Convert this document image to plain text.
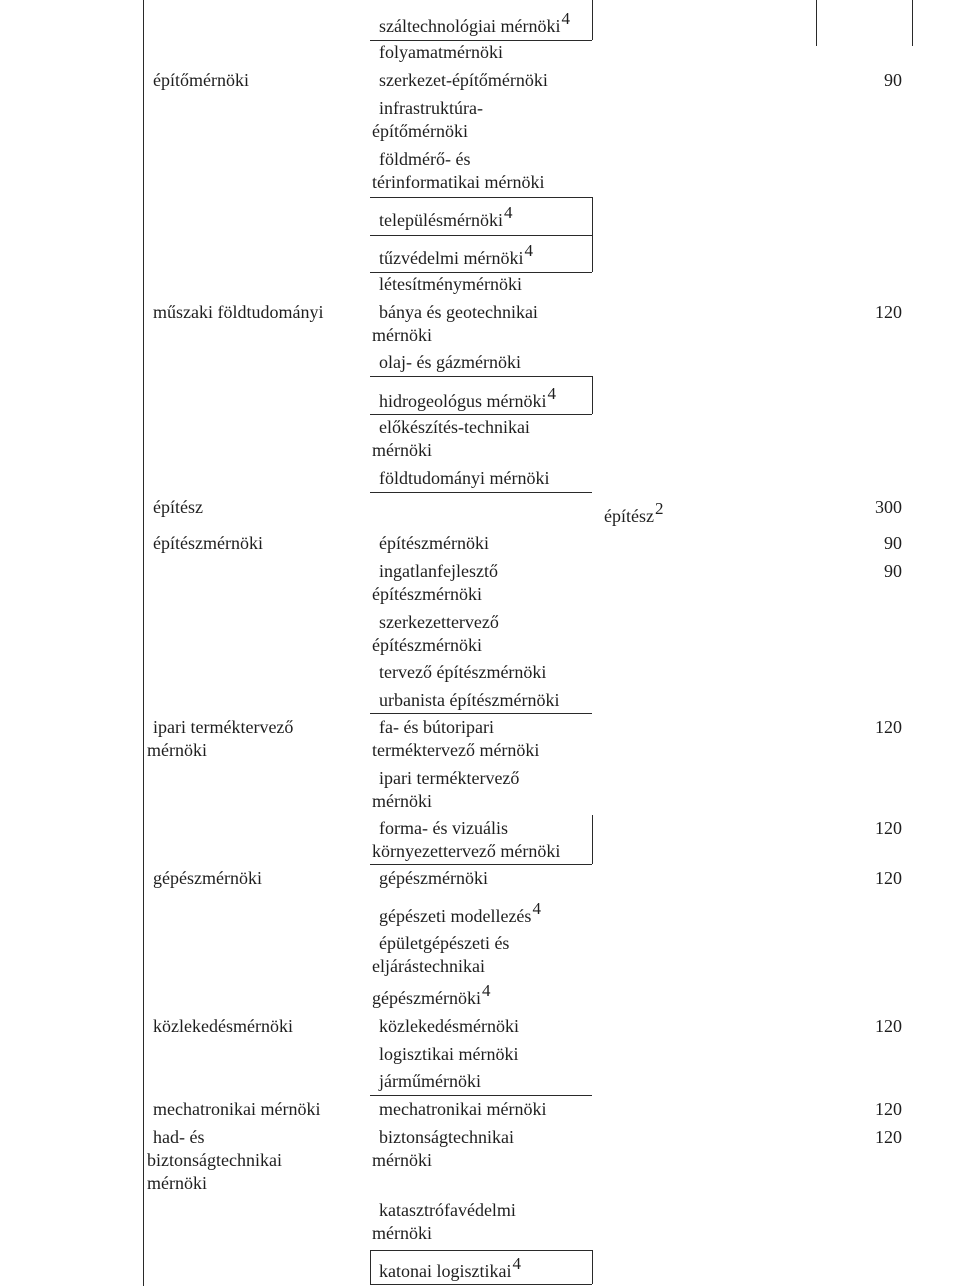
építőmérnöki
műszaki földtudományi
építész
építészmérnöki
ipari terméktervező
mérnöki
gépészmérnöki
közlekedésmérnöki
mechatronikai mérnöki
had- és
biztonságtechnikai
mérnöki
száltechnológiai mérnöki4
folyamatmérnöki
szerkezet-építőmérnöki
infrastruktúra-
építőmérnöki
földmérő- és
térinformatikai mérnöki
településmérnöki4
tűzvédelmi mérnöki4
létesítménymérnöki
bánya és geotechnikai
mérnöki
olaj- és gázmérnöki
hidrogeológus mérnöki4
előkészítés-technikai
mérnöki
földtudományi mérnöki
építészmérnöki
ingatlanfejlesztő
építészmérnöki
szerkezettervező
építészmérnöki
tervező építészmérnöki
urbanista építészmérnöki
fa- és bútoripari
terméktervező mérnöki
ipari terméktervező
mérnöki
forma- és vizuális
környezettervező mérnöki
gépészmérnöki
gépészeti modellezés4
épületgépészeti és
eljárástechnikai
gépészmérnöki4
közlekedésmérnöki
logisztikai mérnöki
járműmérnöki
mechatronikai mérnöki
biztonságtechnikai
mérnöki
katasztrófavédelmi
mérnöki
katonai logisztikai4
építész2
90
120
300
90
90
120
120
120
120
120
120
